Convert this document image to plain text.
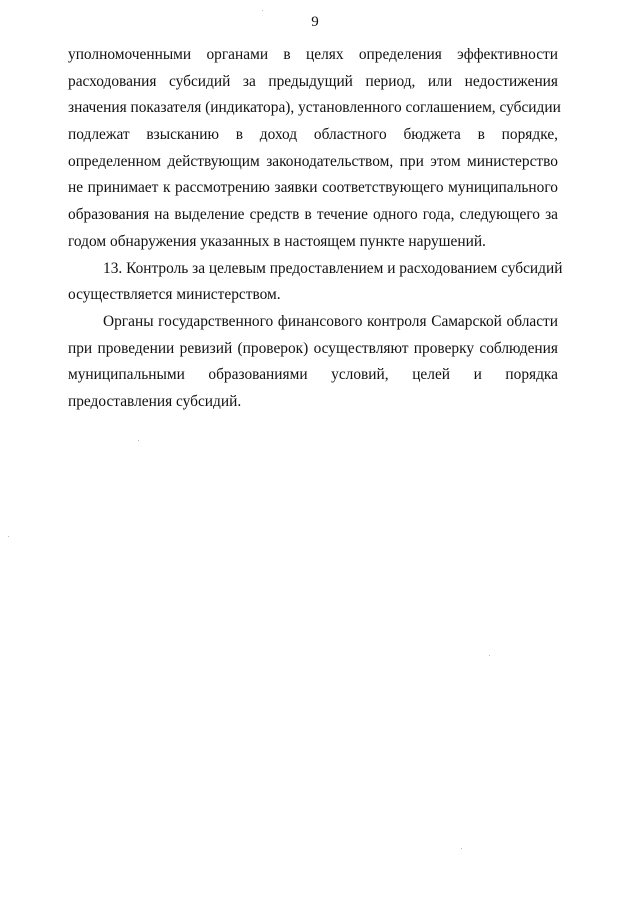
9
уполномоченными органами в целях определения эффективности
расходования субсидий за предыдущий период, или недостижения
значения показателя (индикатора), установленного соглашением, субсидии
подлежат взысканию в доход областного бюджета в порядке,
определенном действующим законодательством, при этом министерство
не принимает к рассмотрению заявки соответствующего муниципального
образования на выделение средств в течение одного года, следующего за
годом обнаружения указанных в настоящем пункте нарушений.
13. Контроль за целевым предоставлением и расходованием субсидий
осуществляется министерством.
Органы государственного финансового контроля Самарской области
при проведении ревизий (проверок) осуществляют проверку соблюдения
муниципальными образованиями условий, целей и порядка
предоставления субсидий.
